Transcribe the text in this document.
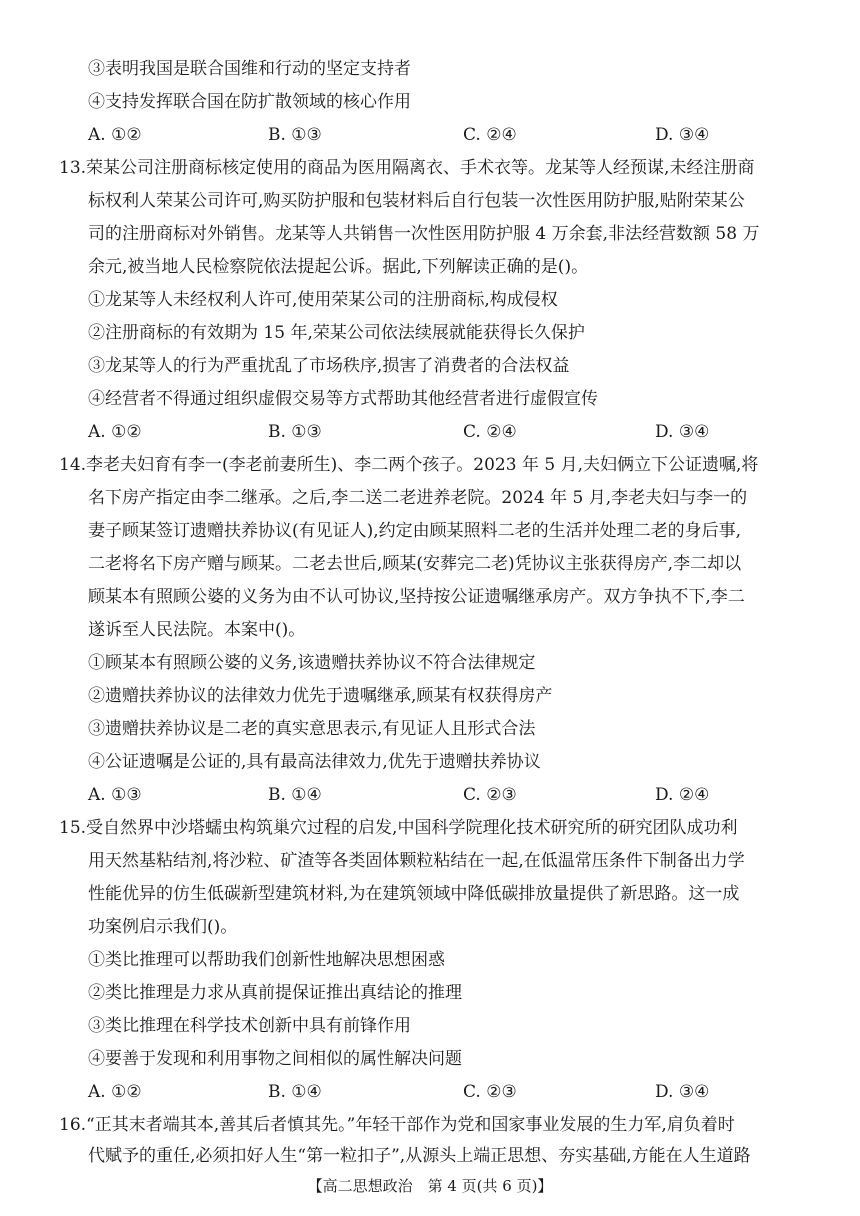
③表明我国是联合国维和行动的坚定支持者
④支持发挥联合国在防扩散领域的核心作用
A. ①②	B. ①③	C. ②④	D. ③④
13.荣某公司注册商标核定使用的商品为医用隔离衣、手术衣等。龙某等人经预谋,未经注册商
标权利人荣某公司许可,购买防护服和包装材料后自行包装一次性医用防护服,贴附荣某公
司的注册商标对外销售。龙某等人共销售一次性医用防护服 4 万余套,非法经营数额 58 万
余元,被当地人民检察院依法提起公诉。据此,下列解读正确的是()。
①龙某等人未经权利人许可,使用荣某公司的注册商标,构成侵权
②注册商标的有效期为 15 年,荣某公司依法续展就能获得长久保护
③龙某等人的行为严重扰乱了市场秩序,损害了消费者的合法权益
④经营者不得通过组织虚假交易等方式帮助其他经营者进行虚假宣传
A. ①②	B. ①③	C. ②④	D. ③④
14.李老夫妇育有李一(李老前妻所生)、李二两个孩子。2023 年 5 月,夫妇俩立下公证遗嘱,将
名下房产指定由李二继承。之后,李二送二老进养老院。2024 年 5 月,李老夫妇与李一的
妻子顾某签订遗赠扶养协议(有见证人),约定由顾某照料二老的生活并处理二老的身后事,
二老将名下房产赠与顾某。二老去世后,顾某(安葬完二老)凭协议主张获得房产,李二却以
顾某本有照顾公婆的义务为由不认可协议,坚持按公证遗嘱继承房产。双方争执不下,李二
遂诉至人民法院。本案中()。
①顾某本有照顾公婆的义务,该遗赠扶养协议不符合法律规定
②遗赠扶养协议的法律效力优先于遗嘱继承,顾某有权获得房产
③遗赠扶养协议是二老的真实意思表示,有见证人且形式合法
④公证遗嘱是公证的,具有最高法律效力,优先于遗赠扶养协议
A. ①③	B. ①④	C. ②③	D. ②④
15.受自然界中沙塔蠕虫构筑巢穴过程的启发,中国科学院理化技术研究所的研究团队成功利
用天然基粘结剂,将沙粒、矿渣等各类固体颗粒粘结在一起,在低温常压条件下制备出力学
性能优异的仿生低碳新型建筑材料,为在建筑领域中降低碳排放量提供了新思路。这一成
功案例启示我们()。
①类比推理可以帮助我们创新性地解决思想困惑
②类比推理是力求从真前提保证推出真结论的推理
③类比推理在科学技术创新中具有前锋作用
④要善于发现和利用事物之间相似的属性解决问题
A. ①②	B. ①④	C. ②③	D. ③④
16.“正其末者端其本,善其后者慎其先。”年轻干部作为党和国家事业发展的生力军,肩负着时
代赋予的重任,必须扣好人生“第一粒扣子”,从源头上端正思想、夯实基础,方能在人生道路
【高二思想政治　第 4 页(共 6 页)】
